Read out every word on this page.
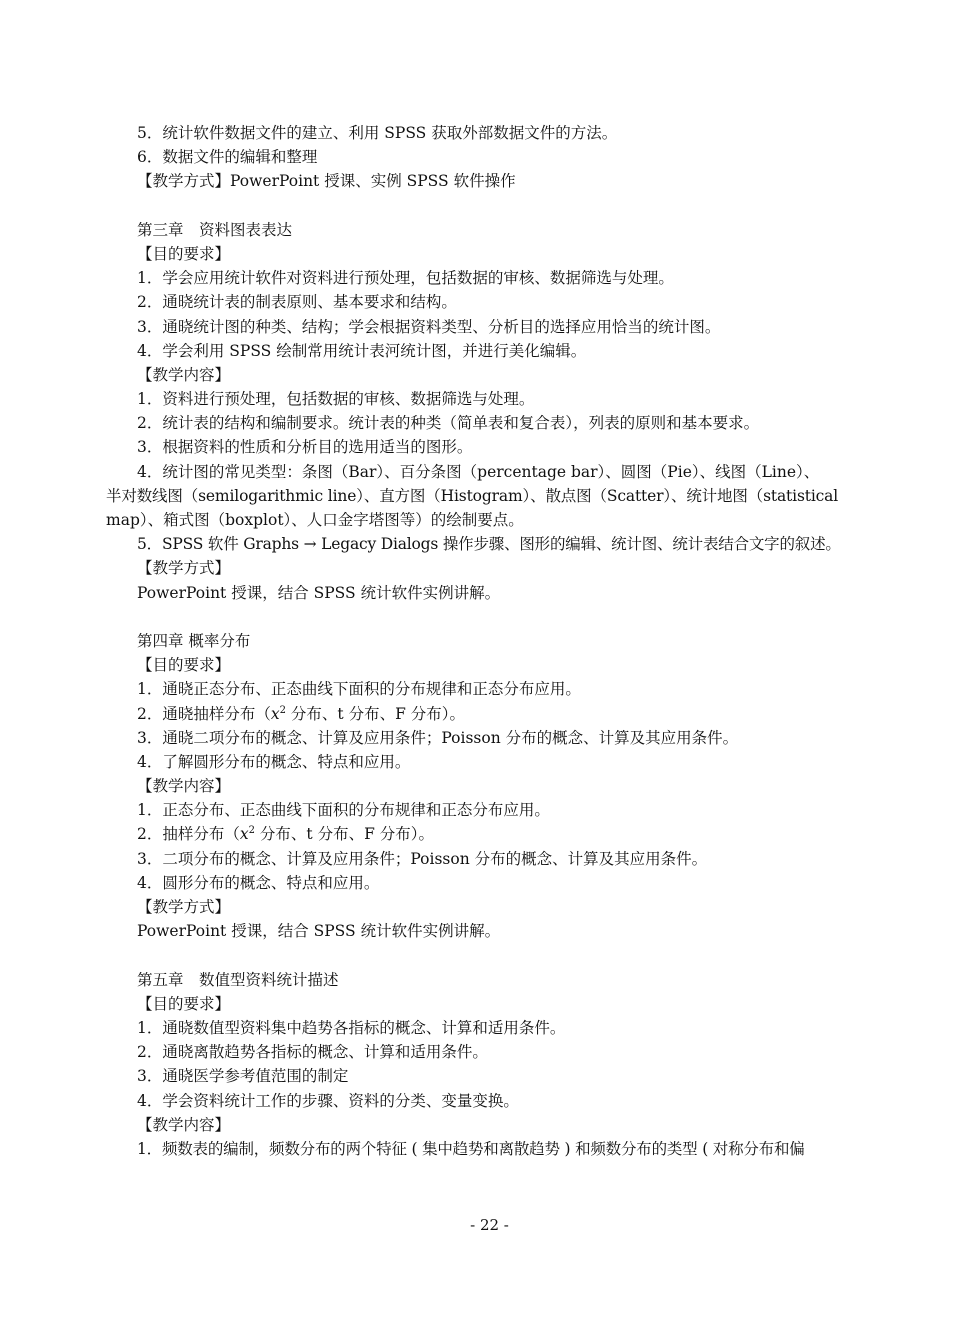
5．统计软件数据文件的建立、利用 SPSS 获取外部数据文件的方法。
6．数据文件的编辑和整理
【教学方式】PowerPoint 授课、实例 SPSS 软件操作
第三章　资料图表表达
【目的要求】
1．学会应用统计软件对资料进行预处理，包括数据的审核、数据筛选与处理。
2．通晓统计表的制表原则、基本要求和结构。
3．通晓统计图的种类、结构；学会根据资料类型、分析目的选择应用恰当的统计图。
4．学会利用 SPSS 绘制常用统计表河统计图，并进行美化编辑。
【教学内容】
1．资料进行预处理，包括数据的审核、数据筛选与处理。
2．统计表的结构和编制要求。统计表的种类（简单表和复合表），列表的原则和基本要求。
3．根据资料的性质和分析目的选用适当的图形。
4．统计图的常见类型：条图（Bar）、百分条图（percentage bar）、圆图（Pie）、线图（Line）、
半对数线图（semilogarithmic line）、直方图（Histogram）、散点图（Scatter）、统计地图（statistical
map）、箱式图（boxplot）、人口金字塔图等）的绘制要点。
5．SPSS 软件 Graphs → Legacy Dialogs 操作步骤、图形的编辑、统计图、统计表结合文字的叙述。
【教学方式】
PowerPoint 授课，结合 SPSS 统计软件实例讲解。
第四章 概率分布
【目的要求】
1．通晓正态分布、正态曲线下面积的分布规律和正态分布应用。
2．通晓抽样分布（$x^2$ 分布、t 分布、F 分布）。
3．通晓二项分布的概念、计算及应用条件；Poisson 分布的概念、计算及其应用条件。
4．了解圆形分布的概念、特点和应用。
【教学内容】
1．正态分布、正态曲线下面积的分布规律和正态分布应用。
2．抽样分布（$x^2$ 分布、t 分布、F 分布）。
3．二项分布的概念、计算及应用条件；Poisson 分布的概念、计算及其应用条件。
4．圆形分布的概念、特点和应用。
【教学方式】
PowerPoint 授课，结合 SPSS 统计软件实例讲解。
第五章　数值型资料统计描述
【目的要求】
1．通晓数值型资料集中趋势各指标的概念、计算和适用条件。
2．通晓离散趋势各指标的概念、计算和适用条件。
3．通晓医学参考值范围的制定
4．学会资料统计工作的步骤、资料的分类、变量变换。
【教学内容】
1．频数表的编制，频数分布的两个特征 ( 集中趋势和离散趋势 ) 和频数分布的类型 ( 对称分布和偏
- 22 -
